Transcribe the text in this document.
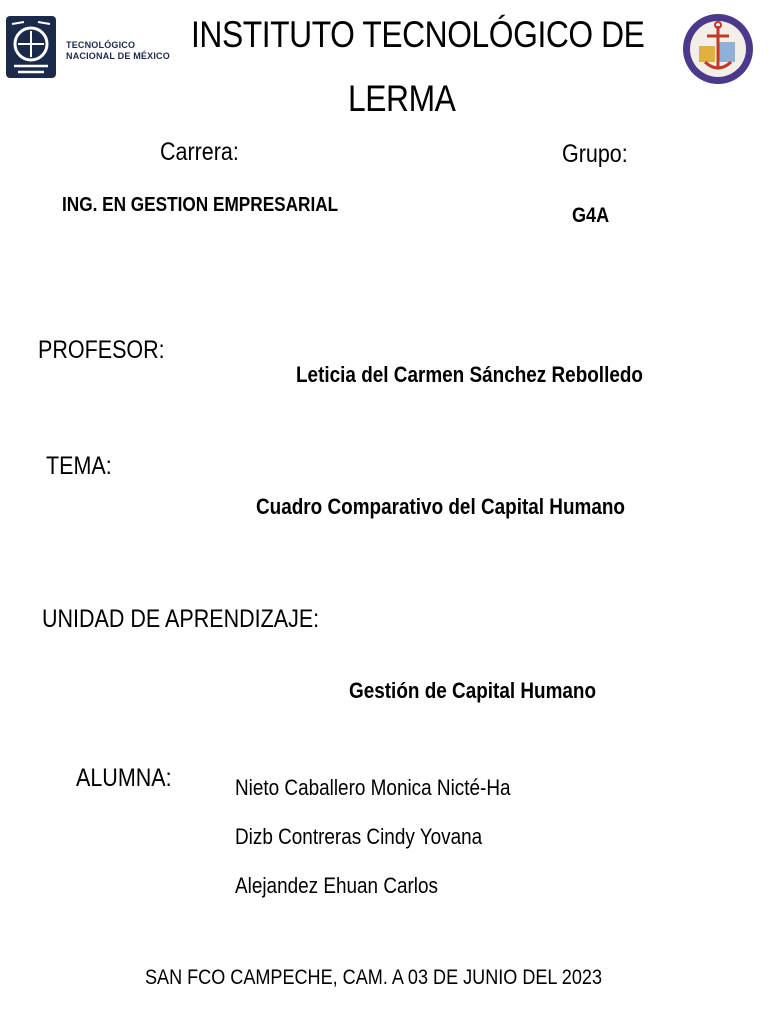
TECNOLÓGICO
NACIONAL DE MÉXICO
INSTITUTO TECNOLÓGICO DE
LERMA
Carrera:	Grupo:
ING. EN GESTION EMPRESARIAL	G4A
PROFESOR:
Leticia del Carmen Sánchez Rebolledo
TEMA:
Cuadro Comparativo del Capital Humano
UNIDAD DE APRENDIZAJE:
Gestión de Capital Humano
ALUMNA:	Nieto Caballero Monica Nicté-Ha
Dizb Contreras Cindy Yovana
Alejandez Ehuan Carlos
SAN FCO CAMPECHE, CAM. A 03 DE JUNIO DEL 2023
